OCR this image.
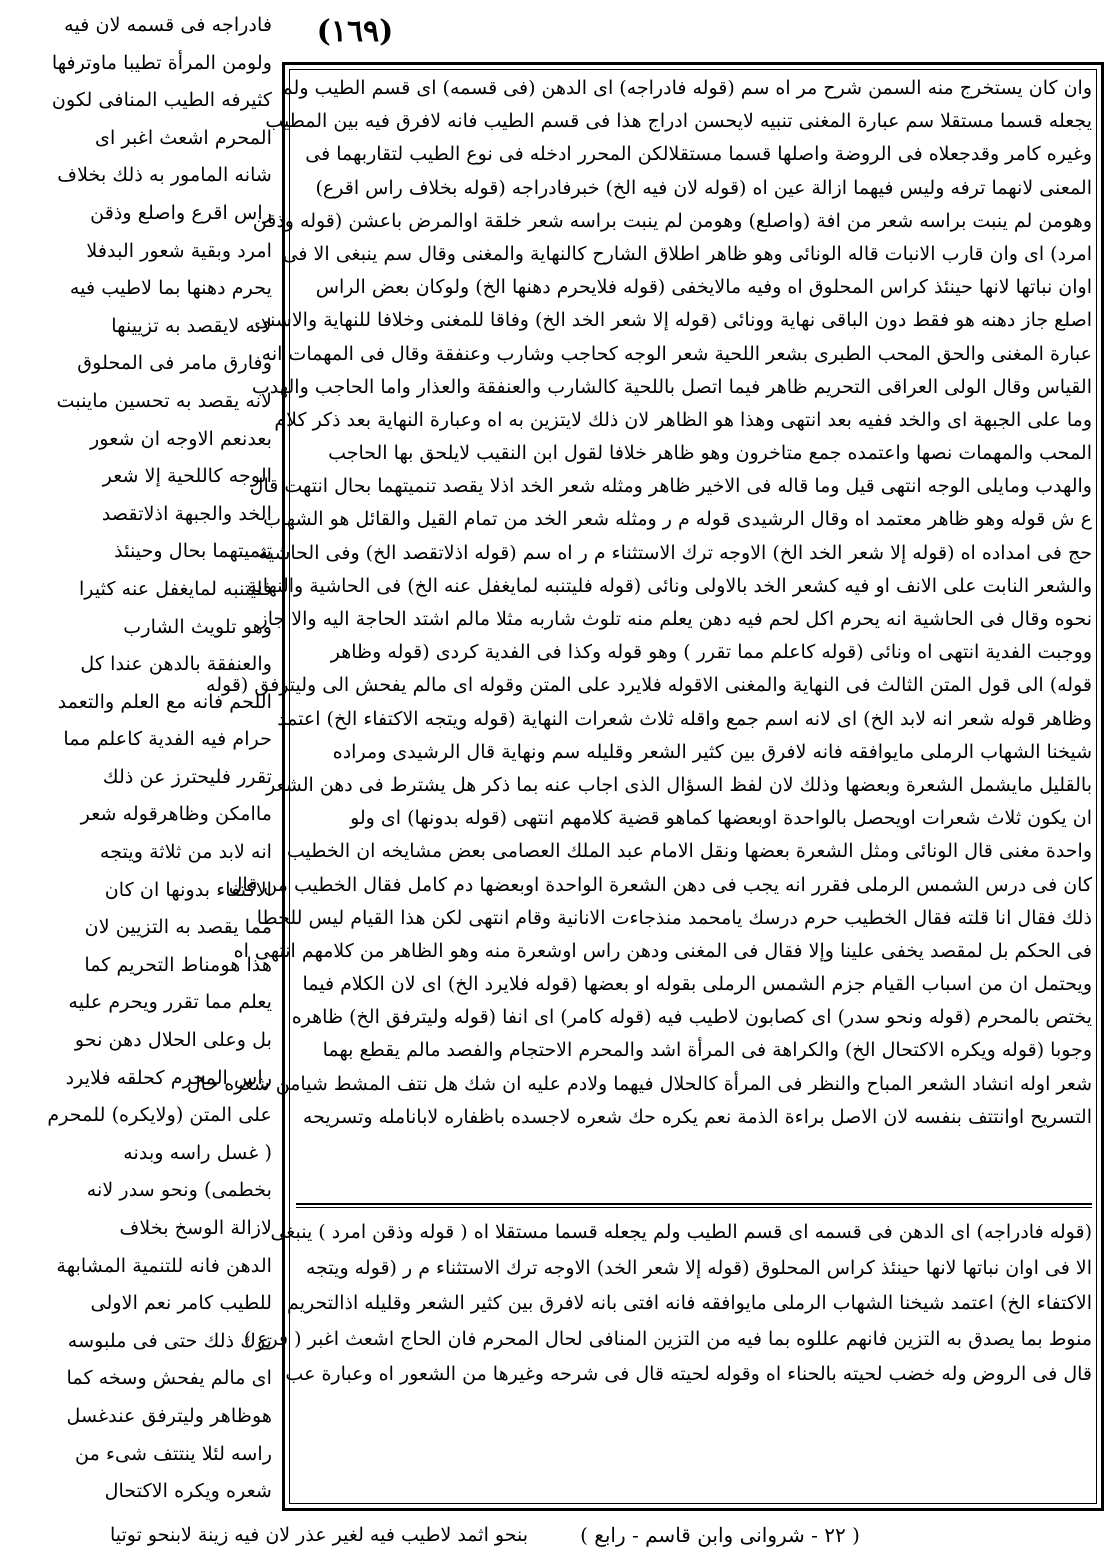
(١٦٩)

فادراجه فى قسمه لان فيه

ولومن المرأة تطيبا ماوترفها

كثيرفه الطيب المنافى لكون

المحرم اشعث اغبر اى

شانه المامور به ذلك بخلاف

راس اقرع واصلع وذقن

امرد وبقية شعور البدفلا

يحرم دهنها بما لاطيب فيه

لانه لايقصد به تزيينها

وفارق مامر فى المحلوق

لانه يقصد به تحسين ماينبت

بعدنعم الاوجه ان شعور

الوجه كاللحية إلا شعر

الخد والجبهة اذلاتقصد

تنميتهما بحال وحينئذ

فليتنبه لمايغفل عنه كثيرا

وهو تلويث الشارب

والعنفقة بالدهن عندا كل

اللحم فانه مع العلم والتعمد

حرام فيه الفدية كاعلم مما

تقرر فليحترز عن ذلك

ماامكن وظاهرقوله شعر

انه لابد من ثلاثة ويتجه

الاكتفاء بدونها ان كان

مما يقصد به التزيين لان

هذا هومناط التحريم كما

يعلم مما تقرر ويحرم عليه

بل وعلى الحلال دهن نحو

راس المحرم كحلقه فلايرد

على المتن (ولايكره) للمحرم

( غسل راسه وبدنه

بخطمى) ونحو سدر لانه

لازالة الوسخ بخلاف

الدهن فانه للتنمية المشابهة

للطيب كامر نعم الاولى

ترك ذلك حتى فى ملبوسه

اى مالم يفحش وسخه كما

هوظاهر وليترفق عندغسل

راسه لئلا ينتتف شىء من

شعره ويكره الاكتحال

وان كان يستخرج منه السمن شرح مر اه سم (قوله فادراجه) اى الدهن (فى قسمه) اى قسم الطيب ولم

يجعله قسما مستقلا سم عبارة المغنى تنبيه لايحسن ادراج هذا فى قسم الطيب فانه لافرق فيه بين المطيب

وغيره كامر وقدجعلاه فى الروضة واصلها قسما مستقلالكن المحرر ادخله فى نوع الطيب لتقاربهما فى

المعنى لانهما ترفه وليس فيهما ازالة عين اه (قوله لان فيه الخ) خبرفادراجه (قوله بخلاف راس اقرع)

وهومن لم ينبت براسه شعر من افة (واصلع) وهومن لم ينبت براسه شعر خلقة اوالمرض باعشن (قوله وذقن

امرد) اى وان قارب الانبات قاله الونائى وهو ظاهر اطلاق الشارح كالنهاية والمغنى وقال سم ينبغى الا فى

اوان نباتها لانها حينئذ كراس المحلوق اه وفيه مالايخفى (قوله فلايحرم دهنها الخ) ولوكان بعض الراس

اصلع جاز دهنه هو فقط دون الباقى نهاية وونائى (قوله إلا شعر الخد الخ) وفاقا للمغنى وخلافا للنهاية والاسنى

عبارة المغنى والحق المحب الطبرى بشعر اللحية شعر الوجه كحاجب وشارب وعنفقة وقال فى المهمات انه

القياس وقال الولى العراقى التحريم ظاهر فيما اتصل باللحية كالشارب والعنفقة والعذار واما الحاجب والهدب

وما على الجبهة اى والخد ففيه بعد انتهى وهذا هو الظاهر لان ذلك لايتزين به اه وعبارة النهاية بعد ذكر كلام

المحب والمهمات نصها واعتمده جمع متاخرون وهو ظاهر خلافا لقول ابن النقيب لايلحق بها الحاجب

والهدب ومايلى الوجه انتهى قيل وما قاله فى الاخير ظاهر ومثله شعر الخد اذلا يقصد تنميتهما بحال انتهت قال

ع ش قوله وهو ظاهر معتمد اه وقال الرشيدى قوله م ر ومثله شعر الخد من تمام القيل والقائل هو الشهاب

حج فى امداده اه (قوله إلا شعر الخد الخ) الاوجه ترك الاستثناء م ر اه سم (قوله اذلاتقصد الخ) وفى الحاشية

والشعر النابت على الانف او فيه كشعر الخد بالاولى ونائى (قوله فليتنبه لمايغفل عنه الخ) فى الحاشية والنهاية

نحوه وقال فى الحاشية انه يحرم اكل لحم فيه دهن يعلم منه تلوث شاربه مثلا مالم اشتد الحاجة اليه والا جاز

ووجبت الفدية انتهى اه ونائى (قوله كاعلم مما تقرر ) وهو قوله وكذا فى الفدية كردى (قوله وظاهر

قوله) الى قول المتن الثالث فى النهاية والمغنى الاقوله فلايرد على المتن وقوله اى مالم يفحش الى وليترفق (قوله

وظاهر قوله شعر انه لابد الخ) اى لانه اسم جمع واقله ثلاث شعرات النهاية (قوله ويتجه الاكتفاء الخ) اعتمد

شيخنا الشهاب الرملى مايوافقه فانه لافرق بين كثير الشعر وقليله سم ونهاية قال الرشيدى ومراده

بالقليل مايشمل الشعرة وبعضها وذلك لان لفظ السؤال الذى اجاب عنه بما ذكر هل يشترط فى دهن الشعر

ان يكون ثلاث شعرات اويحصل بالواحدة اوبعضها كماهو قضية كلامهم انتهى (قوله بدونها) اى ولو

واحدة مغنى قال الونائى ومثل الشعرة بعضها ونقل الامام عبد الملك العصامى بعض مشايخه ان الخطيب

كان فى درس الشمس الرملى فقرر انه يجب فى دهن الشعرة الواحدة اوبعضها دم كامل فقال الخطيب من قال

ذلك فقال انا قلته فقال الخطيب حرم درسك يامحمد منذجاءت الانانية وقام انتهى لكن هذا القيام ليس للخطا

فى الحكم بل لمقصد يخفى علينا وإلا فقال فى المغنى ودهن راس اوشعرة منه وهو الظاهر من كلامهم انتهى اه

ويحتمل ان من اسباب القيام جزم الشمس الرملى بقوله او بعضها (قوله فلايرد الخ) اى لان الكلام فيما

يختص بالمحرم (قوله ونحو سدر) اى كصابون لاطيب فيه (قوله كامر) اى انفا (قوله وليترفق الخ) ظاهره

وجوبا (قوله ويكره الاكتحال الخ) والكراهة فى المرأة اشد والمحرم الاحتجام والفصد مالم يقطع بهما

شعر اوله انشاد الشعر المباح والنظر فى المرأة كالحلال فيهما ولادم عليه ان شك هل نتف المشط شيامن شعره حال

التسريح اوانتتف بنفسه لان الاصل براءة الذمة نعم يكره حك شعره لاجسده باظفاره لابانامله وتسريحه

(قوله فادراجه) اى الدهن فى قسمه اى قسم الطيب ولم يجعله قسما مستقلا اه ( قوله وذقن امرد ) ينبغى

الا فى اوان نباتها لانها حينئذ كراس المحلوق (قوله إلا شعر الخد) الاوجه ترك الاستثناء م ر (قوله ويتجه

الاكتفاء الخ) اعتمد شيخنا الشهاب الرملى مايوافقه فانه افتى بانه لافرق بين كثير الشعر وقليله اذالتحريم

منوط بما يصدق به التزين فانهم عللوه بما فيه من التزين المنافى لحال المحرم فان الحاج اشعث اغبر ( فرع )

قال فى الروض وله خضب لحيته بالحناء اه وقوله لحيته قال فى شرحه وغيرها من الشعور اه وعبارة عب

( ٢٢ - شروانى وابن قاسم - رابع )
بنحو اثمد لاطيب فيه لغير عذر لان فيه زينة لابنحو توتيا
